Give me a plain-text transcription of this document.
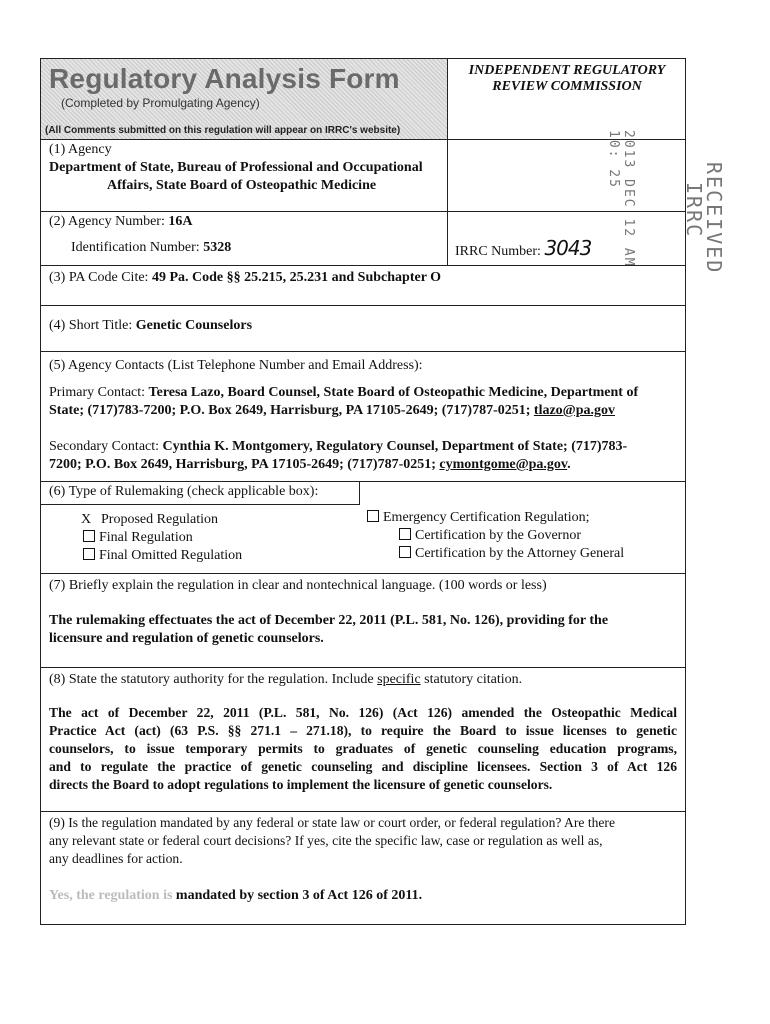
Regulatory Analysis Form
(Completed by Promulgating Agency)
(All Comments submitted on this regulation will appear on IRRC's website)
INDEPENDENT REGULATORY
REVIEW COMMISSION
(1) Agency
Department of State, Bureau of Professional and Occupational
Affairs, State Board of Osteopathic Medicine
(2) Agency Number: 16A
Identification Number: 5328	IRRC Number: 3043
(3) PA Code Cite: 49 Pa. Code §§ 25.215, 25.231 and Subchapter O
(4) Short Title: Genetic Counselors
(5) Agency Contacts (List Telephone Number and Email Address):
Primary Contact: Teresa Lazo, Board Counsel, State Board of Osteopathic Medicine, Department of
State; (717)783-7200; P.O. Box 2649, Harrisburg, PA 17105-2649; (717)787-0251; tlazo@pa.gov
Secondary Contact: Cynthia K. Montgomery, Regulatory Counsel, Department of State; (717)783-
7200; P.O. Box 2649, Harrisburg, PA 17105-2649; (717)787-0251; cymontgome@pa.gov.
(6) Type of Rulemaking (check applicable box):
X Proposed Regulation
Final Regulation
Final Omitted Regulation
Emergency Certification Regulation;
Certification by the Governor
Certification by the Attorney General
(7) Briefly explain the regulation in clear and nontechnical language. (100 words or less)
The rulemaking effectuates the act of December 22, 2011 (P.L. 581, No. 126), providing for the
licensure and regulation of genetic counselors.
(8) State the statutory authority for the regulation. Include specific statutory citation.
The act of December 22, 2011 (P.L. 581, No. 126) (Act 126) amended the Osteopathic Medical
Practice Act (act) (63 P.S. §§ 271.1 – 271.18), to require the Board to issue licenses to genetic
counselors, to issue temporary permits to graduates of genetic counseling education programs,
and to regulate the practice of genetic counseling and discipline licensees. Section 3 of Act 126
directs the Board to adopt regulations to implement the licensure of genetic counselors.
(9) Is the regulation mandated by any federal or state law or court order, or federal regulation? Are there
any relevant state or federal court decisions? If yes, cite the specific law, case or regulation as well as,
any deadlines for action.
Yes, the regulation is mandated by section 3 of Act 126 of 2011.
2013 DEC 12 AM 10: 25
RECEIVED
IRRC
